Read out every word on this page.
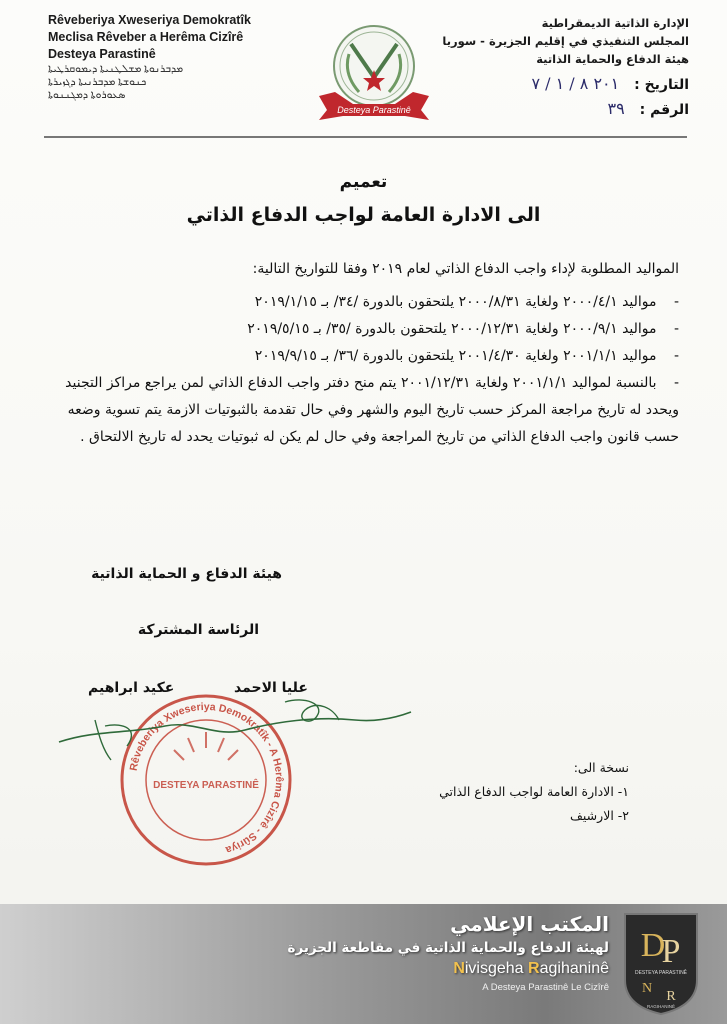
Rêveberiya Xweseriya Demokratîk
Meclisa Rêveber a Herêma Cizîrê
Desteya Parastinê
ܡܕܒܪܢܘܬܐ ܡܫܠܛܢܝܬܐ ܕܝܡܘܩܪܛܝܬܐ
ܟܢܘܫܬܐ ܡܕܒܪܢܝܬܐ ܕܓܙܝܪܬܐ
ܣܥܘܪܘܬܐ ܕܡܓܢܢܘܬܐ
Desteya Parastinê
الإدارة الذاتية الديمقراطية
المجلس التنفيذي في إقليم الجزيرة - سوريا
هيئة الدفاع والحماية الذاتية
التاريخ : ٢٠١ ٨ / ١ / ٧
الرقم : ٣٩
تعميم
الى الادارة العامة لواجب الدفاع الذاتي
المواليد المطلوبة لإداء واجب الدفاع الذاتي لعام ٢٠١٩ وفقا للتواريخ التالية:
- مواليد ٢٠٠٠/٤/١ ولغاية ٢٠٠٠/٨/٣١ يلتحقون بالدورة /٣٤/ بـ ٢٠١٩/١/١٥
- مواليد ٢٠٠٠/٩/١ ولغاية ٢٠٠٠/١٢/٣١ يلتحقون بالدورة /٣٥/ بـ ٢٠١٩/٥/١٥
- مواليد ٢٠٠١/١/١ ولغاية ٢٠٠١/٤/٣٠ يلتحقون بالدورة /٣٦/ بـ ٢٠١٩/٩/١٥
- بالنسبة لمواليد ٢٠٠١/١/١ ولغاية ٢٠٠١/١٢/٣١ يتم منح دفتر واجب الدفاع الذاتي لمن يراجع مراكز التجنيد ويحدد له تاريخ مراجعة المركز حسب تاريخ اليوم والشهر وفي حال تقدمة بالثبوتيات الازمة يتم تسوية وضعه حسب قانون واجب الدفاع الذاتي من تاريخ المراجعة وفي حال لم يكن له ثبوتيات يحدد له تاريخ الالتحاق .
هيئة الدفاع و الحماية الذاتية
الرئاسة المشتركة
عليا الاحمد
عكيد ابراهيم
Rêveberiya Xweseriya Demokratîk - A Herêma Cizîrê - Sûriya
DESTEYA PARASTINÊ
نسخة الى:
١- الادارة العامة لواجب الدفاع الذاتي
٢- الارشيف
المكتب الإعلامي
لهيئة الدفاع والحماية الذاتية في مقاطعة الجزيرة
Nivisgeha Ragihaninê
A Desteya Parastinê Le Cizîrê
D
P
DESTEYA PARASTINÊ
N
R
RAGIHANINÊ
